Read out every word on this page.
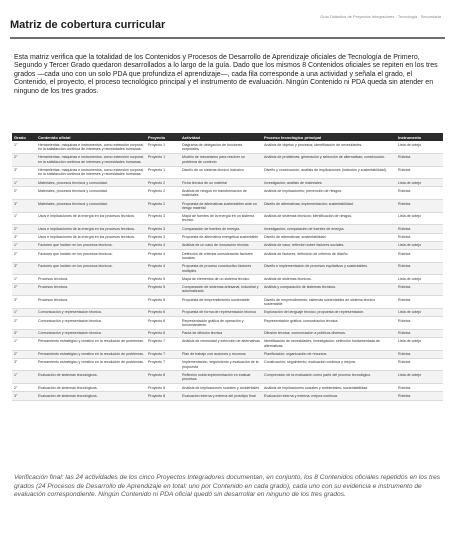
Guía Didáctica de Proyectos Integradores · Tecnología · Secundaria
Matriz de cobertura curricular

Esta matriz verifica que la totalidad de los Contenidos y Procesos de Desarrollo de Aprendizaje oficiales de Tecnología de Primero, Segundo y Tercer Grado quedaron desarrollados a lo largo de la guía. Dado que los mismos 8 Contenidos oficiales se repiten en los tres grados —cada uno con un solo PDA que profundiza el aprendizaje—, cada fila corresponde a una actividad y señala el grado, el Contenido, el proyecto, el proceso tecnológico principal y el instrumento de evaluación. Ningún Contenido ni PDA queda sin atender en ninguno de los tres grados.

Grado	Contenido oficial	Proyecto	Actividad	Proceso tecnológico principal	Instrumento
1°	Herramientas, máquinas e instrumentos, como extensión corporal, en la satisfacción continua de intereses y necesidades humanas.	Proyecto 1	Diagrama de delegación de funciones corporales	Análisis de objetos y procesos; identificación de necesidades.	Lista de cotejo
2°	Herramientas, máquinas e instrumentos, como extensión corporal, en la satisfacción continua de intereses y necesidades humanas.	Proyecto 1	Modelo de mecanismo para resolver un problema de contexto	Análisis de problemas; generación y selección de alternativas; construcción.	Rúbrica
3°	Herramientas, máquinas e instrumentos, como extensión corporal, en la satisfacción continua de intereses y necesidades humanas.	Proyecto 1	Diseño de un sistema técnico inclusivo	Diseño y construcción; análisis de implicaciones (inclusión y sustentabilidad).	Rúbrica
1°	Materiales, procesos técnicos y comunidad.	Proyecto 2	Ficha técnica de un material	Investigación; análisis de materiales.	Lista de cotejo
2°	Materiales, procesos técnicos y comunidad.	Proyecto 2	Análisis de riesgos en transformación de materiales	Análisis de implicaciones; prevención de riesgos.	Rúbrica
3°	Materiales, procesos técnicos y comunidad.	Proyecto 2	Propuesta de alternativas sustentables ante un riesgo material	Diseño de alternativas; implementación; sustentabilidad.	Rúbrica
1°	Usos e implicaciones de la energía en los procesos técnicos.	Proyecto 3	Mapa de fuentes de la energía en un sistema técnico	Análisis de sistemas técnicos; identificación de riesgos.	Lista de cotejo
2°	Usos e implicaciones de la energía en los procesos técnicos.	Proyecto 3	Comparación de fuentes de energía	Investigación; comparación de fuentes de energía.	Rúbrica
3°	Usos e implicaciones de la energía en los procesos técnicos.	Proyecto 3	Propuesta de alternativa energética sustentable	Diseño de alternativas; sustentabilidad.	Rúbrica
1°	Factores que inciden en los procesos técnicos.	Proyecto 4	Análisis de un caso de innovación técnica	Análisis de caso; reflexión sobre factores sociales.	Lista de cotejo
2°	Factores que inciden en los procesos técnicos.	Proyecto 4	Definición de criterios considerando factores sociales	Análisis de factores; definición de criterios de diseño.	Rúbrica
3°	Factores que inciden en los procesos técnicos.	Proyecto 4	Propuesta de proceso constructivo factores múltiples	Diseño e implementación de procesos equitativos y sustentables.	Rúbrica
1°	Procesos técnicos.	Proyecto 5	Mapa de elementos de un sistema técnico	Análisis de sistemas técnicos.	Lista de cotejo
2°	Procesos técnicos.	Proyecto 5	Comparación de sistemas artesanal, industrial y automatizado	Análisis y comparación de sistemas técnicos.	Rúbrica
3°	Procesos técnicos.	Proyecto 5	Propuesta de emprendimiento sustentable	Diseño de emprendimiento; sistemas sustentables de sistema técnico sustentable.	Rúbrica
1°	Comunicación y representación técnica.	Proyecto 6	Propuesta de forma de representación técnica	Exploración del lenguaje técnico; propuesta de representación.	Lista de cotejo
2°	Comunicación y representación técnica.	Proyecto 6	Representación gráfica de operación y funcionamiento	Representación gráfica; comunicación técnica.	Rúbrica
3°	Comunicación y representación técnica.	Proyecto 6	Pauta de difusión técnica	Difusión técnica; comunicación a públicos diversos.	Rúbrica
1°	Pensamiento estratégico y creativo en la resolución de problemas.	Proyecto 7	Análisis de necesidad y selección de alternativas	Identificación de necesidades; investigación; selección fundamentada de alternativas.	Lista de cotejo
2°	Pensamiento estratégico y creativo en la resolución de problemas.	Proyecto 7	Plan de trabajo con acciones y recursos	Planificación; organización de recursos.	Rúbrica
3°	Pensamiento estratégico y creativo en la resolución de problemas.	Proyecto 7	Implementación, seguimiento y evaluación de la propuesta	Construcción; seguimiento; evaluación continua y mejora.	Rúbrica
1°	Evaluación de sistemas tecnológicos.	Proyecto 8	Reflexión sobla implementación en evaluar procesos	Comprensión de la evaluación como parte del proceso tecnológico.	Lista de cotejo
2°	Evaluación de sistemas tecnológicos.	Proyecto 8	Análisis de implicaciones sociales y ambientales	Análisis de implicaciones sociales y ambientales; sustentabilidad.	Rúbrica
3°	Evaluación de sistemas tecnológicos.	Proyecto 8	Evaluación interna y externa del prototipo final	Evaluación interna y externa; mejora continua.	Rúbrica

Verificación final: las 24 actividades de los cinco Proyectos Integradores documentan, en conjunto, los 8 Contenidos oficiales repetidos en los tres grados (24 Procesos de Desarrollo de Aprendizaje en total: uno por Contenido en cada grado), cada uno con su evidencia e instrumento de evaluación correspondiente. Ningún Contenido ni PDA oficial quedó sin desarrollar en ninguno de los tres grados.
